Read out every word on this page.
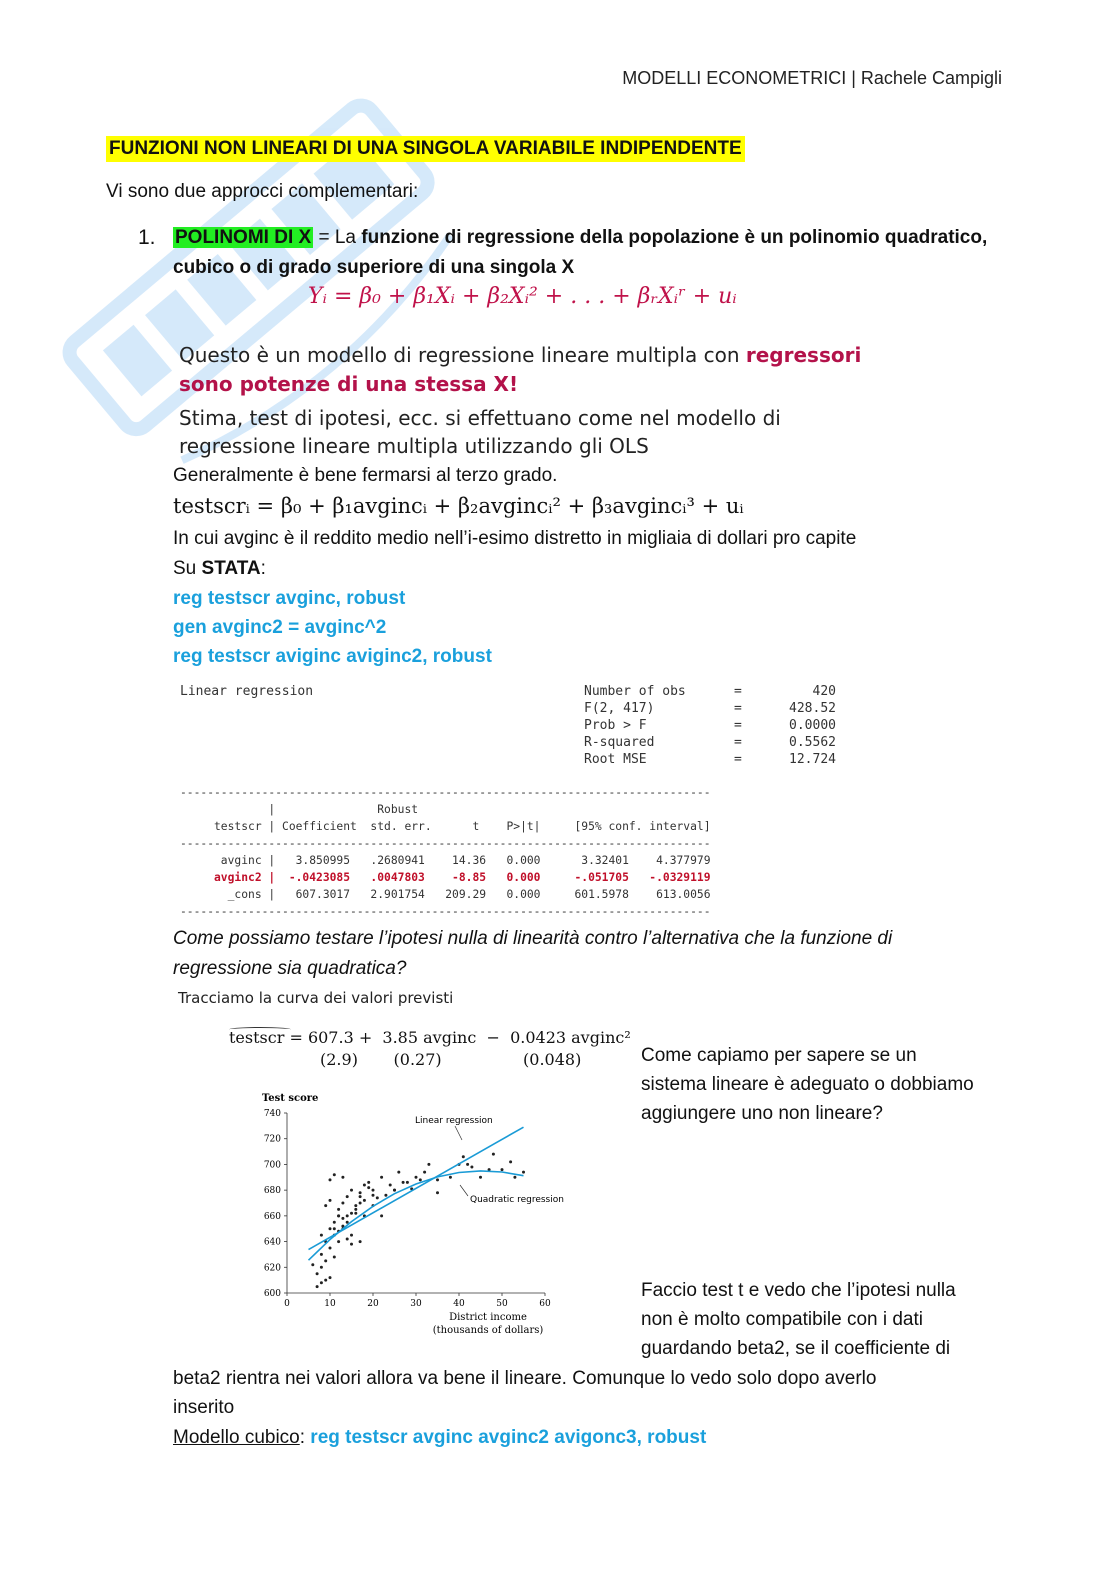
MODELLI ECONOMETRICI | Rachele Campigli
FUNZIONI NON LINEARI DI UNA SINGOLA VARIABILE INDIPENDENTE
Vi sono due approcci complementari:
1. POLINOMI DI X = La funzione di regressione della popolazione è un polinomio quadratico,
cubico o di grado superiore di una singola X
Yᵢ = β₀ + β₁Xᵢ + β₂Xᵢ² + . . . + βᵣXᵢʳ + uᵢ
Questo è un modello di regressione lineare multipla con regressori
sono potenze di una stessa X!
Stima, test di ipotesi, ecc. si effettuano come nel modello di
regressione lineare multipla utilizzando gli OLS
Generalmente è bene fermarsi al terzo grado.
testscrᵢ = β₀ + β₁avgincᵢ + β₂avgincᵢ² + β₃avgincᵢ³ + uᵢ
In cui avginc è il reddito medio nell’i-esimo distretto in migliaia di dollari pro capite
Su STATA:
reg testscr avginc, robust
gen avginc2 = avginc^2
reg testscr aviginc aviginc2, robust
Linear regression	Number of obs	=	420
F(2, 417)	=	428.52
Prob > F	=	0.0000
R-squared	=	0.5562
Root MSE	=	12.724
------------------------------------------------------------------------------
|               Robust
testscr | Coefficient  std. err.      t    P>|t|     [95% conf. interval]
------------------------------------------------------------------------------
avginc |   3.850995   .2680941    14.36   0.000      3.32401    4.377979
avginc2 |  -.0423085   .0047803    -8.85   0.000     -.051705   -.0329119
_cons |   607.3017   2.901754   209.29   0.000     601.5978    613.0056
------------------------------------------------------------------------------
Come possiamo testare l’ipotesi nulla di linearità contro l’alternativa che la funzione di
regressione sia quadratica?
Tracciamo la curva dei valori previsti
testscr = 607.3 +  3.85 avginc  −  0.0423 avginc²
(2.9)       (0.27)                (0.048)
Test score
0	10	20	30	40	50	60
600
620
640
660
680
700
720
740
Linear regression
Quadratic regression
District income
(thousands of dollars)
Come capiamo per sapere se un
sistema lineare è adeguato o dobbiamo
aggiungere uno non lineare?
Faccio test t e vedo che l’ipotesi nulla
non è molto compatibile con i dati
guardando beta2, se il coefficiente di
beta2 rientra nei valori allora va bene il lineare. Comunque lo vedo solo dopo averlo
inserito
Modello cubico: reg testscr avginc avginc2 avigonc3, robust
